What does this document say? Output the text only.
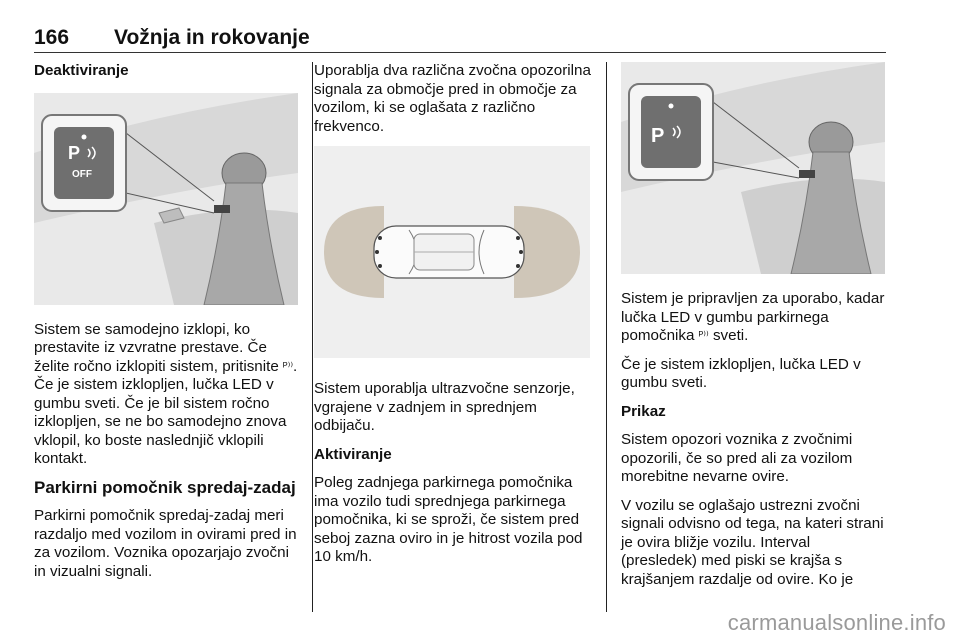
166 Vožnja in rokovanje

Deaktiviranje

P
OFF

Sistem se samodejno izklopi, ko prestavite iz vzvratne prestave. Če želite ročno izklopiti sistem, pritisnite ᴾ⁾⁾. Če je sistem izklopljen, lučka LED v gumbu sveti. Če je bil sistem ročno izklopljen, se ne bo samodejno znova vklopil, ko boste naslednjič vklopili kontakt.

Parkirni pomočnik spredaj-zadaj

Parkirni pomočnik spredaj-zadaj meri razdaljo med vozilom in ovirami pred in za vozilom. Voznika opozarjajo zvočni in vizualni signali.

Uporablja dva različna zvočna opozorilna signala za območje pred in območje za vozilom, ki se oglašata z različno frekvenco.

Sistem uporablja ultrazvočne senzorje, vgrajene v zadnjem in sprednjem odbijaču.

Aktiviranje

Poleg zadnjega parkirnega pomočnika ima vozilo tudi sprednjega parkirnega pomočnika, ki se sproži, če sistem pred seboj zazna oviro in je hitrost vozila pod 10 km/h.

P

Sistem je pripravljen za uporabo, kadar lučka LED v gumbu parkirnega pomočnika ᴾ⁾⁾ sveti.

Če je sistem izklopljen, lučka LED v gumbu sveti.

Prikaz

Sistem opozori voznika z zvočnimi opozorili, če so pred ali za vozilom morebitne nevarne ovire.

V vozilu se oglašajo ustrezni zvočni signali odvisno od tega, na kateri strani je ovira bližje vozilu. Interval (presledek) med piski se krajša s krajšanjem razdalje od ovire. Ko je

carmanualsonline.info
